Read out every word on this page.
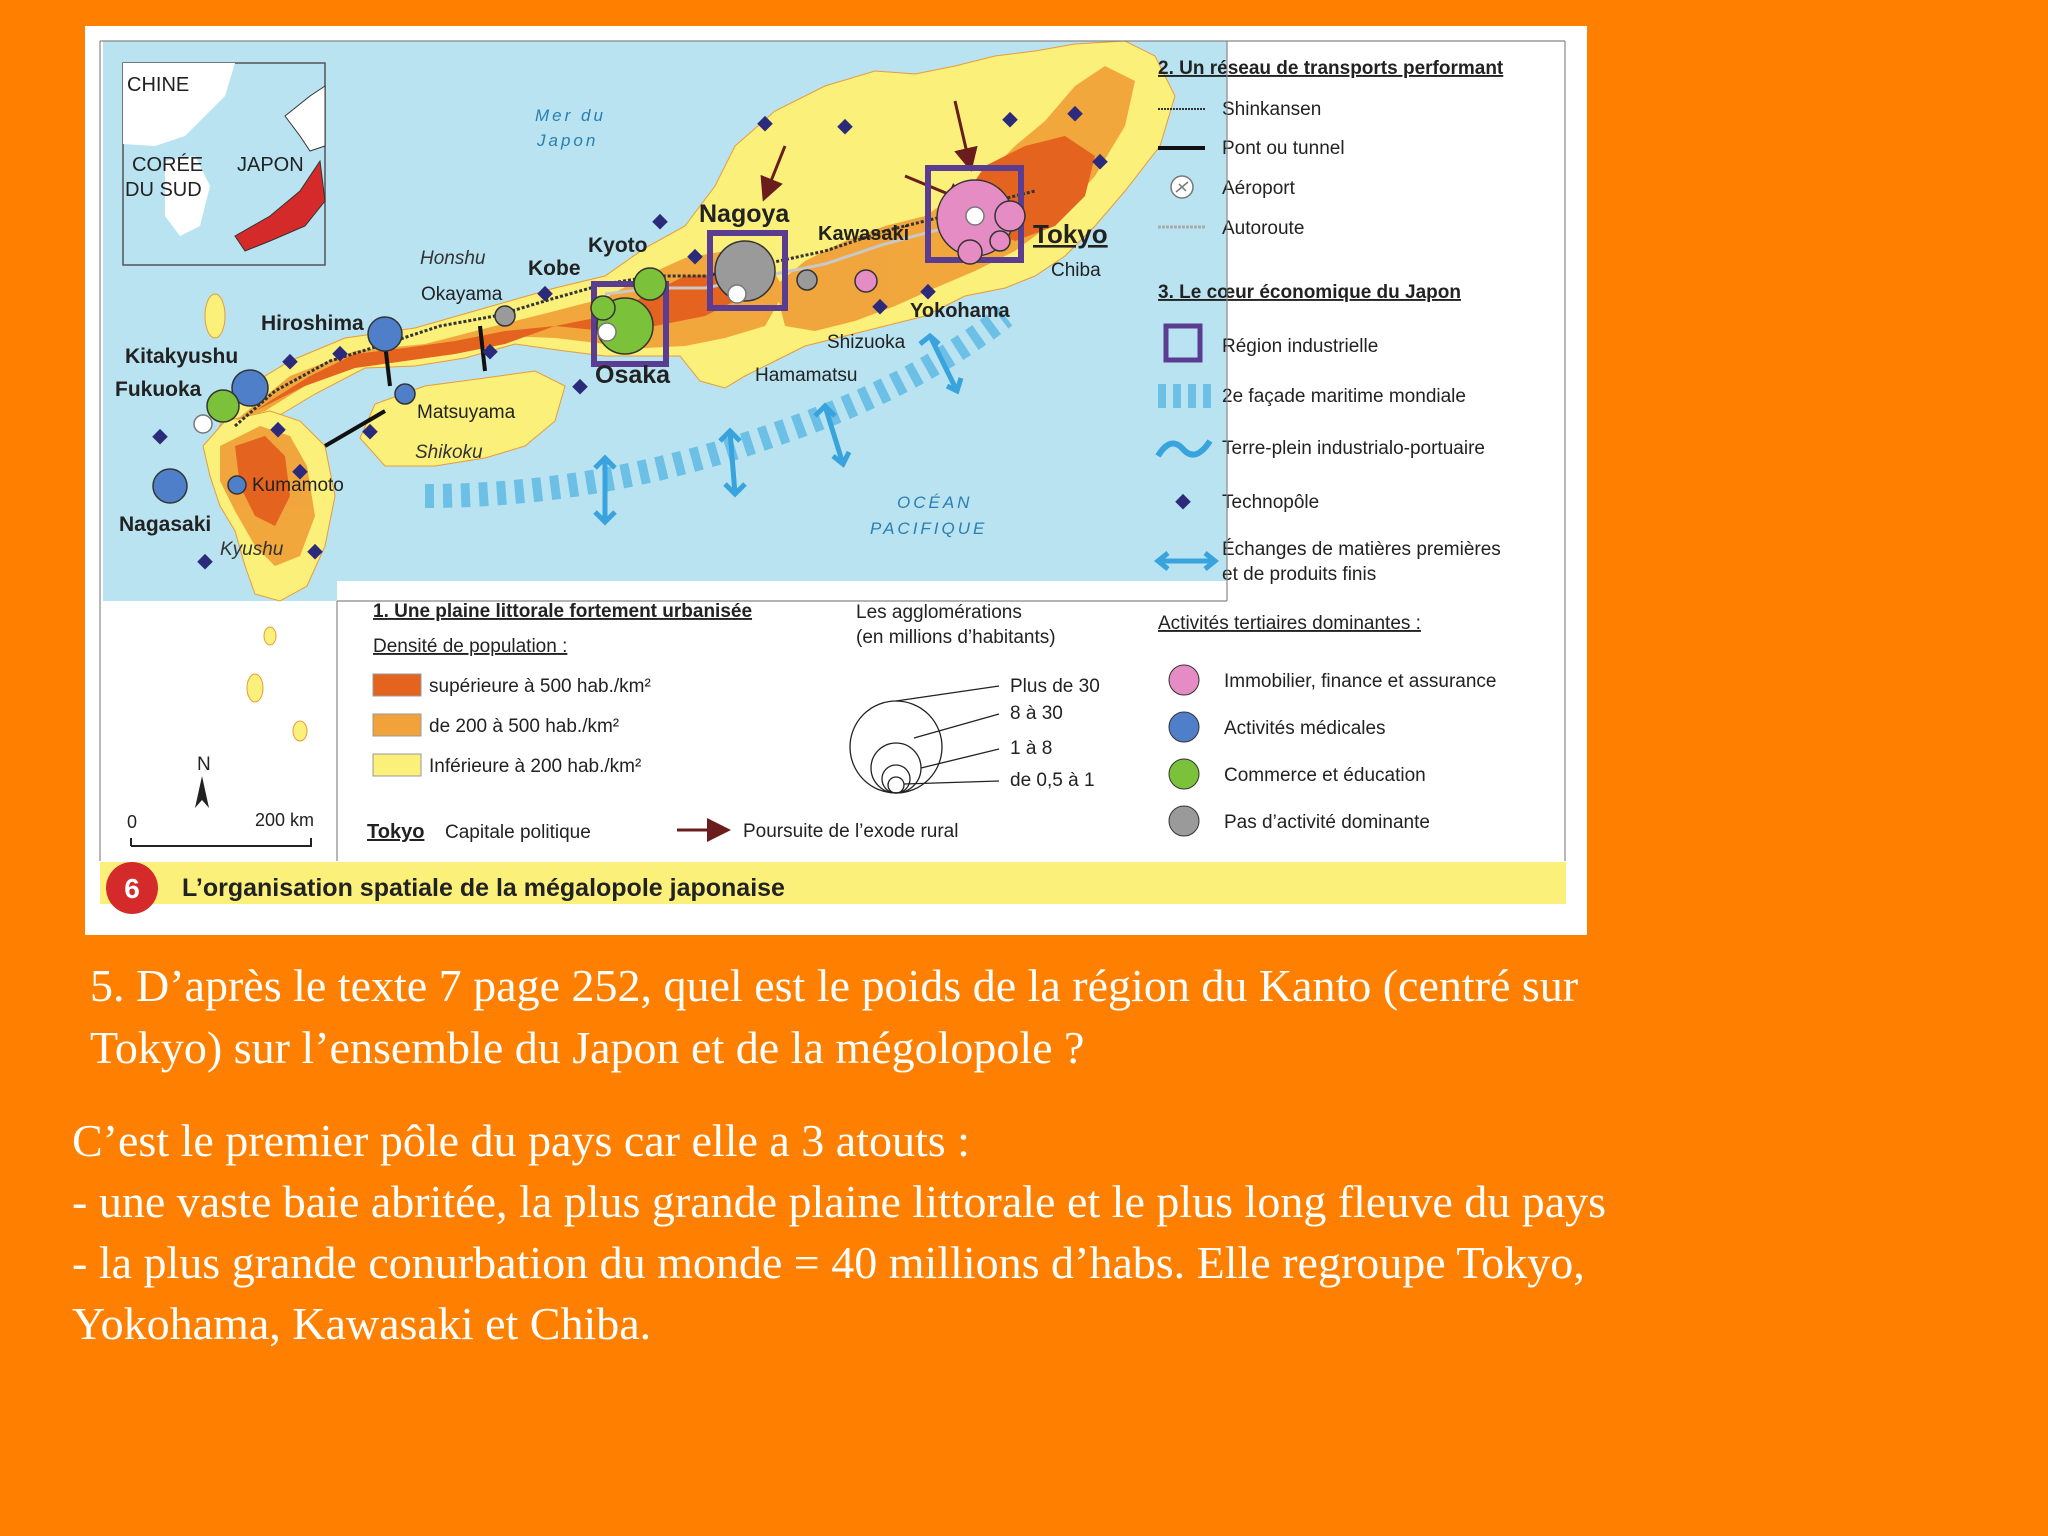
CHINE
CORÉE
DU SUD
JAPON
Mer du
Japon
OCÉAN
PACIFIQUE
Honshu
Shikoku
Kyushu
Nagoya
Tokyo
Osaka
Kyoto
Kobe
Hiroshima
Kitakyushu
Fukuoka
Okayama
Matsuyama
Kumamoto
Nagasaki
Kawasaki
Chiba
Yokohama
Shizuoka
Hamamatsu
N
0	200 km
1. Une plaine littorale fortement urbanisée
Densité de population :
supérieure à 500 hab./km²
de 200 à 500 hab./km²
Inférieure à 200 hab./km²
Tokyo Capitale politique	Poursuite de l’exode rural
Les agglomérations
(en millions d’habitants)
Plus de 30
8 à 30
1 à 8
de 0,5 à 1
Activités tertiaires dominantes :
Immobilier, finance et assurance
Activités médicales
Commerce et éducation
Pas d’activité dominante
2. Un réseau de transports performant
Shinkansen
Pont ou tunnel
Aéroport
Autoroute
3. Le cœur économique du Japon
Région industrielle
2e façade maritime mondiale
Terre-plein industrialo-portuaire
Technopôle
Échanges de matières premières
et de produits finis
6 L’organisation spatiale de la mégalopole japonaise
5. D’après le texte 7 page 252, quel est le poids de la région du Kanto (centré sur
Tokyo) sur l’ensemble du Japon et de la mégolopole ?

C’est le premier pôle du pays car elle a 3 atouts :

- une vaste baie abritée, la plus grande plaine littorale et le plus long fleuve du pays

- la plus grande conurbation du monde = 40 millions d’habs. Elle regroupe Tokyo,

Yokohama, Kawasaki et Chiba.
